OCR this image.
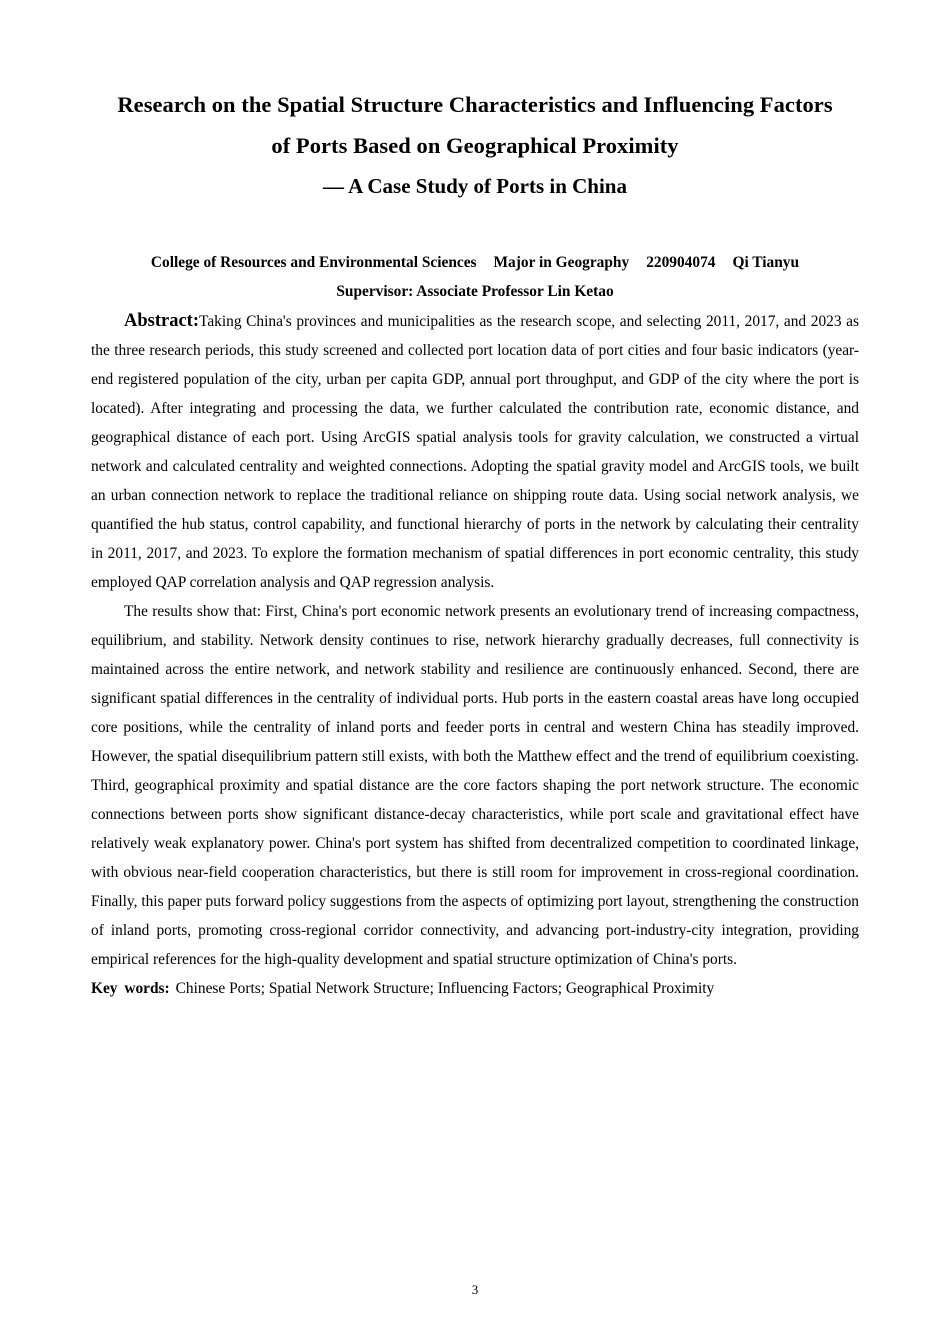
Research on the Spatial Structure Characteristics and Influencing Factors
of Ports Based on Geographical Proximity
— A Case Study of Ports in China

College of Resources and Environmental Sciences Major in Geography 220904074 Qi Tianyu

Supervisor: Associate Professor Lin Ketao

Abstract:Taking China's provinces and municipalities as the research scope, and selecting 2011, 2017, and 2023 as the three research periods, this study screened and collected port location data of port cities and four basic indicators (year-end registered population of the city, urban per capita GDP, annual port throughput, and GDP of the city where the port is located). After integrating and processing the data, we further calculated the contribution rate, economic distance, and geographical distance of each port. Using ArcGIS spatial analysis tools for gravity calculation, we constructed a virtual network and calculated centrality and weighted connections. Adopting the spatial gravity model and ArcGIS tools, we built an urban connection network to replace the traditional reliance on shipping route data. Using social network analysis, we quantified the hub status, control capability, and functional hierarchy of ports in the network by calculating their centrality in 2011, 2017, and 2023. To explore the formation mechanism of spatial differences in port economic centrality, this study employed QAP correlation analysis and QAP regression analysis.

The results show that: First, China's port economic network presents an evolutionary trend of increasing compactness, equilibrium, and stability. Network density continues to rise, network hierarchy gradually decreases, full connectivity is maintained across the entire network, and network stability and resilience are continuously enhanced. Second, there are significant spatial differences in the centrality of individual ports. Hub ports in the eastern coastal areas have long occupied core positions, while the centrality of inland ports and feeder ports in central and western China has steadily improved. However, the spatial disequilibrium pattern still exists, with both the Matthew effect and the trend of equilibrium coexisting. Third, geographical proximity and spatial distance are the core factors shaping the port network structure. The economic connections between ports show significant distance-decay characteristics, while port scale and gravitational effect have relatively weak explanatory power. China's port system has shifted from decentralized competition to coordinated linkage, with obvious near-field cooperation characteristics, but there is still room for improvement in cross-regional coordination. Finally, this paper puts forward policy suggestions from the aspects of optimizing port layout, strengthening the construction of inland ports, promoting cross-regional corridor connectivity, and advancing port-industry-city integration, providing empirical references for the high-quality development and spatial structure optimization of China's ports.

Key words: Chinese Ports; Spatial Network Structure; Influencing Factors; Geographical Proximity

3
